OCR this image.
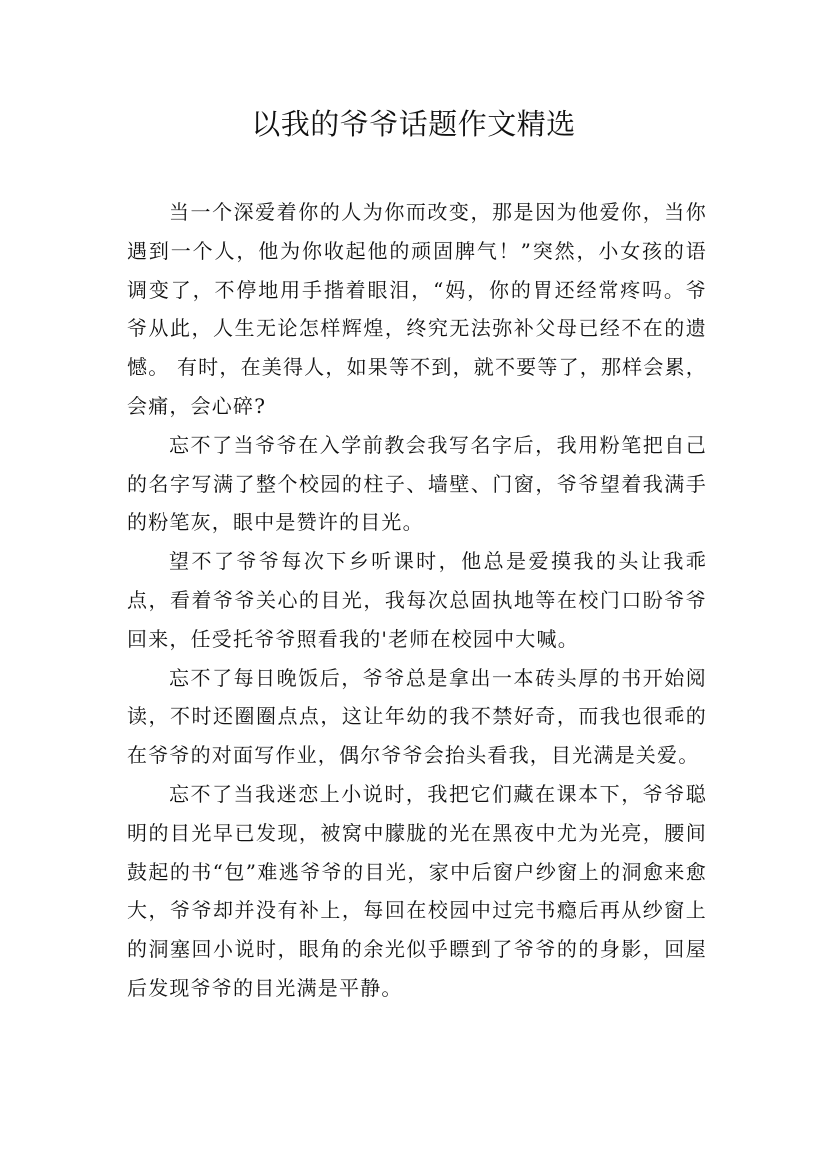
以我的爷爷话题作文精选

当一个深爱着你的人为你而改变，那是因为他爱你，当你遇到一个人，他为你收起他的顽固脾气！”突然，小女孩的语调变了，不停地用手揩着眼泪，“妈，你的胃还经常疼吗。爷爷从此，人生无论怎样辉煌，终究无法弥补父母已经不在的遗憾。 有时，在美得人，如果等不到，就不要等了，那样会累，会痛，会心碎?

忘不了当爷爷在入学前教会我写名字后，我用粉笔把自己的名字写满了整个校园的柱子、墙壁、门窗，爷爷望着我满手的粉笔灰，眼中是赞许的目光。

望不了爷爷每次下乡听课时，他总是爱摸我的头让我乖点，看着爷爷关心的目光，我每次总固执地等在校门口盼爷爷回来，任受托爷爷照看我的'老师在校园中大喊。

忘不了每日晚饭后，爷爷总是拿出一本砖头厚的书开始阅读，不时还圈圈点点，这让年幼的我不禁好奇，而我也很乖的在爷爷的对面写作业，偶尔爷爷会抬头看我，目光满是关爱。

忘不了当我迷恋上小说时，我把它们藏在课本下，爷爷聪明的目光早已发现，被窝中朦胧的光在黑夜中尤为光亮，腰间鼓起的书“包”难逃爷爷的目光，家中后窗户纱窗上的洞愈来愈大，爷爷却并没有补上，每回在校园中过完书瘾后再从纱窗上的洞塞回小说时，眼角的余光似乎瞟到了爷爷的的身影，回屋后发现爷爷的目光满是平静。
